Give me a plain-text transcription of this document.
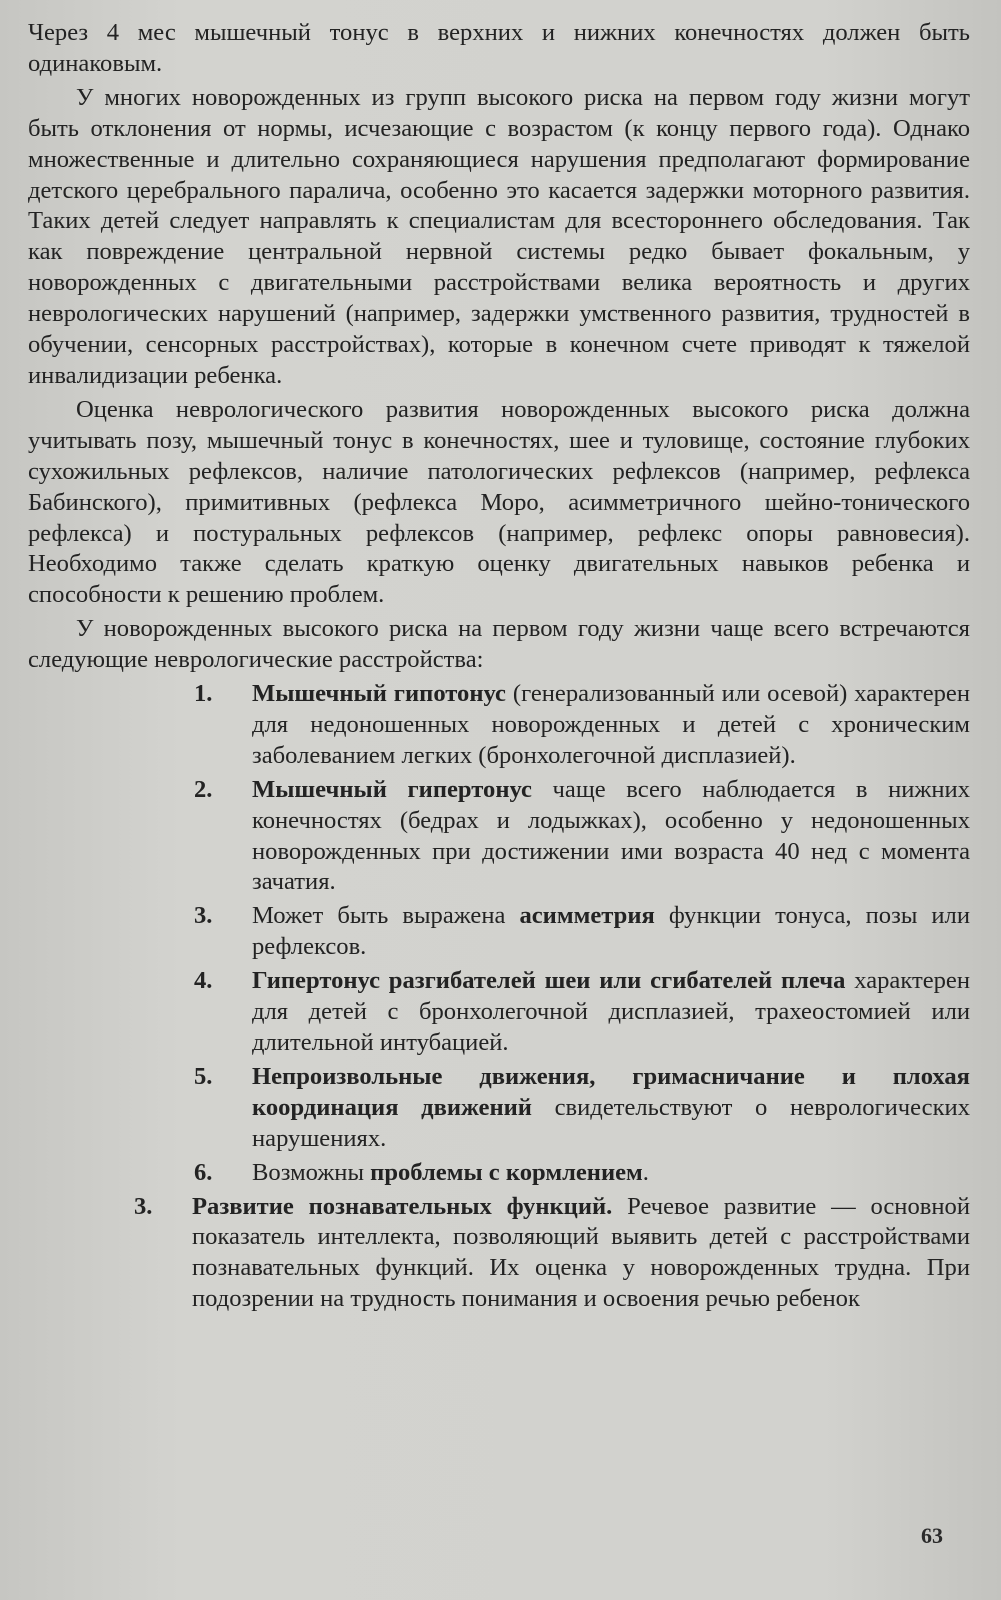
Через 4 мес мышечный тонус в верхних и нижних конечностях должен быть одинаковым.

У многих новорожденных из групп высокого риска на первом году жизни могут быть отклонения от нормы, исчезающие с возрастом (к концу первого года). Однако множественные и длительно сохраняющиеся нарушения предполагают формирование детского церебрального паралича, особенно это касается задержки моторного развития. Таких детей следует направлять к специалистам для всестороннего обследования. Так как повреждение центральной нервной системы редко бывает фокальным, у новорожденных с двигательными расстройствами велика вероятность и других неврологических нарушений (например, задержки умственного развития, трудностей в обучении, сенсорных расстройствах), которые в конечном счете приводят к тяжелой инвалидизации ребенка.

Оценка неврологического развития новорожденных высокого риска должна учитывать позу, мышечный тонус в конечностях, шее и туловище, состояние глубоких сухожильных рефлексов, наличие патологических рефлексов (например, рефлекса Бабинского), примитивных (рефлекса Моро, асимметричного шейно-тонического рефлекса) и постуральных рефлексов (например, рефлекс опоры равновесия). Необходимо также сделать краткую оценку двигательных навыков ребенка и способности к решению проблем.

У новорожденных высокого риска на первом году жизни чаще всего встречаются следующие неврологические расстройства:

1.	Мышечный гипотонус (генерализованный или осевой) характерен для недоношенных новорожденных и детей с хроническим заболеванием легких (бронхолегочной дисплазией).
2.	Мышечный гипертонус чаще всего наблюдается в нижних конечностях (бедрах и лодыжках), особенно у недоношенных новорожденных при достижении ими возраста 40 нед с момента зачатия.
3.	Может быть выражена асимметрия функции тонуса, позы или рефлексов.
4.	Гипертонус разгибателей шеи или сгибателей плеча характерен для детей с бронхолегочной дисплазией, трахеостомией или длительной интубацией.
5.	Непроизвольные движения, гримасничание и плохая координация движений свидетельствуют о неврологических нарушениях.
6.	Возможны проблемы с кормлением.
3. Развитие познавательных функций. Речевое развитие — основной показатель интеллекта, позволяющий выявить детей с расстройствами познавательных функций. Их оценка у новорожденных трудна. При подозрении на трудность понимания и освоения речью ребенок
63
